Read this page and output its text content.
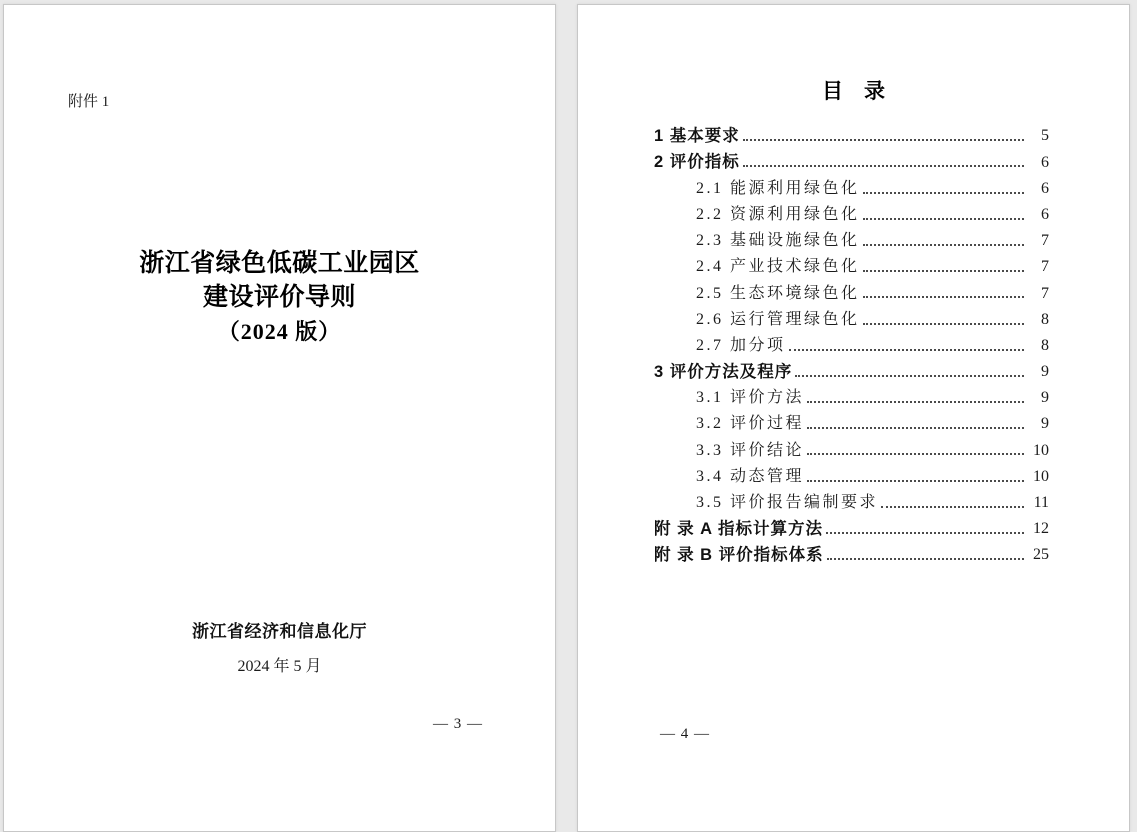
附件 1
浙江省绿色低碳工业园区
建设评价导则
（2024 版）
浙江省经济和信息化厅
2024 年 5 月
— 3 —
目　录
1 基本要求	5
2 评价指标	6
2.1 能源利用绿色化	6
2.2 资源利用绿色化	6
2.3 基础设施绿色化	7
2.4 产业技术绿色化	7
2.5 生态环境绿色化	7
2.6 运行管理绿色化	8
2.7 加分项	8
3 评价方法及程序	9
3.1 评价方法	9
3.2 评价过程	9
3.3 评价结论	10
3.4 动态管理	10
3.5 评价报告编制要求	11
附 录 A 指标计算方法	12
附 录 B 评价指标体系	25
— 4 —
